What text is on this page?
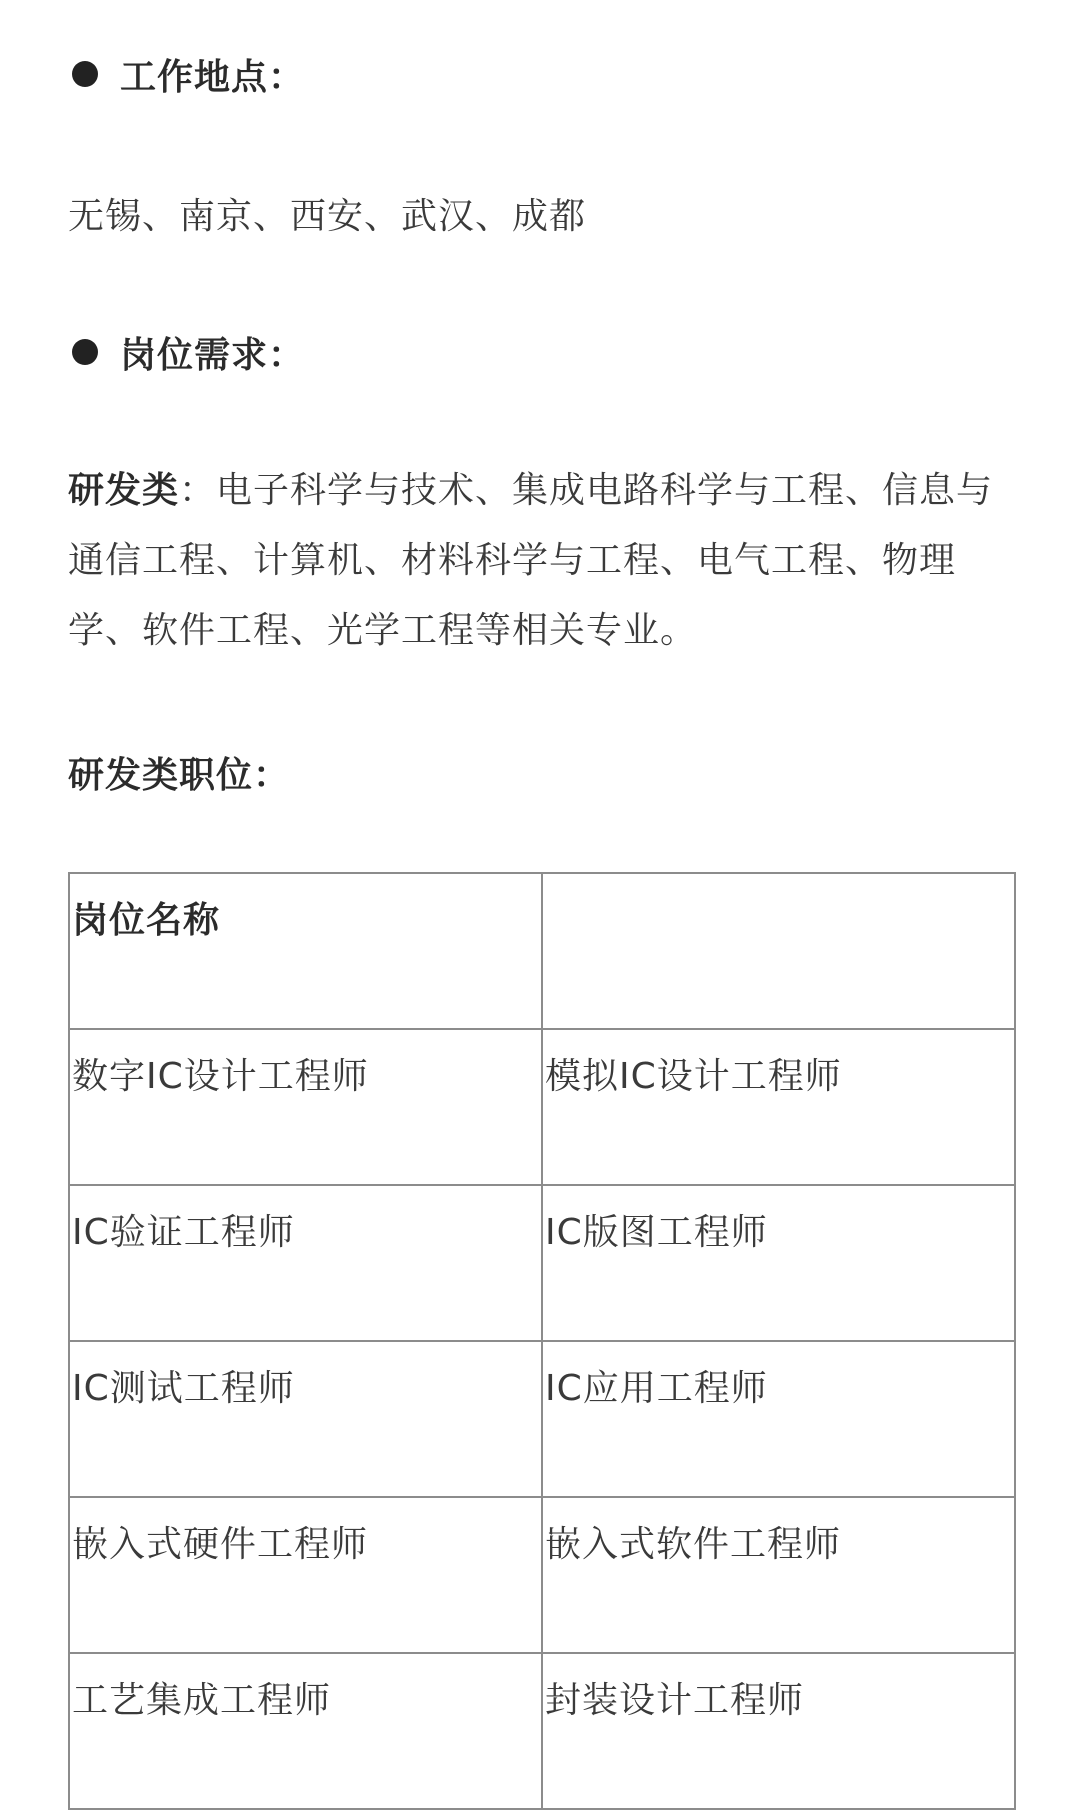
工作地点：
无锡、南京、西安、武汉、成都
岗位需求：
研发类：电子科学与技术、集成电路科学与工程、信息与通信工程、计算机、材料科学与工程、电气工程、物理学、软件工程、光学工程等相关专业。
研发类职位：
岗位名称	
数字IC设计工程师	模拟IC设计工程师
IC验证工程师	IC版图工程师
IC测试工程师	IC应用工程师
嵌入式硬件工程师	嵌入式软件工程师
工艺集成工程师	封装设计工程师
